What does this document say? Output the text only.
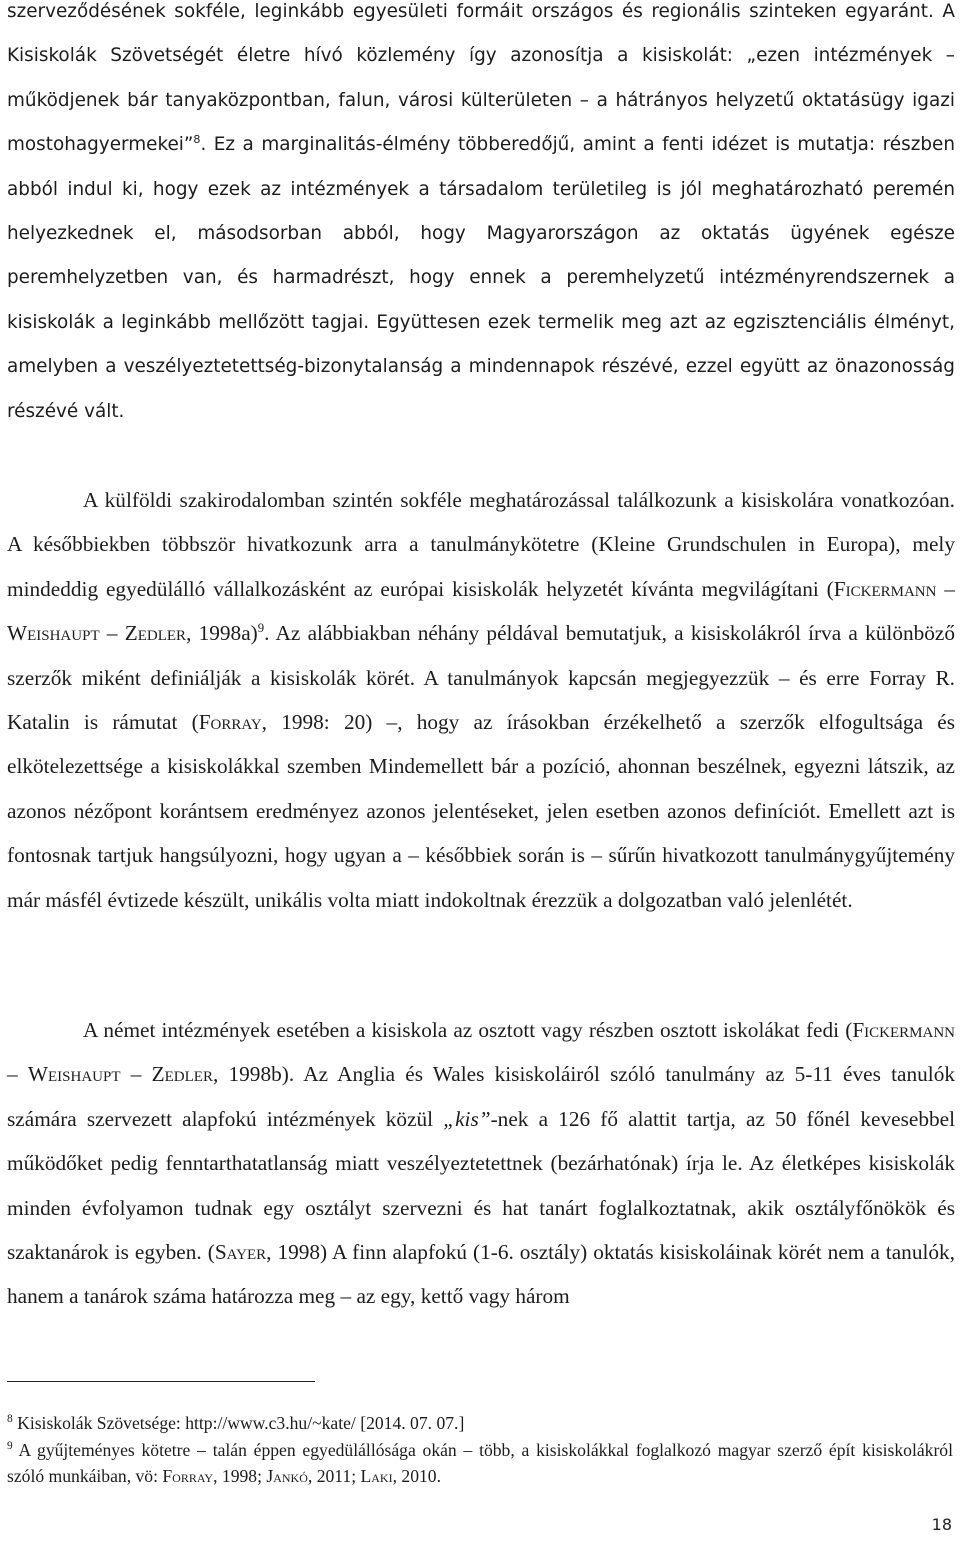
szerveződésének sokféle, leginkább egyesületi formáit országos és regionális szinteken egyaránt. A Kisiskolák Szövetségét életre hívó közlemény így azonosítja a kisiskolát: „ezen intézmények – működjenek bár tanyaközpontban, falun, városi külterületen – a hátrányos helyzetű oktatásügy igazi mostohagyermekei”$^8$. Ez a marginalitás-élmény többeredőjű, amint a fenti idézet is mutatja: részben abból indul ki, hogy ezek az intézmények a társadalom területileg is jól meghatározható peremén helyezkednek el, másodsorban abból, hogy Magyarországon az oktatás ügyének egésze peremhelyzetben van, és harmadrészt, hogy ennek a peremhelyzetű intézményrendszernek a kisiskolák a leginkább mellőzött tagjai. Együttesen ezek termelik meg azt az egzisztenciális élményt, amelyben a veszélyeztetettség-bizonytalanság a mindennapok részévé, ezzel együtt az önazonosság részévé vált.

A külföldi szakirodalomban szintén sokféle meghatározással találkozunk a kisiskolára vonatkozóan. A későbbiekben többször hivatkozunk arra a tanulmánykötetre (Kleine Grundschulen in Europa), mely mindeddig egyedülálló vállalkozásként az európai kisiskolák helyzetét kívánta megvilágítani (Fickermann – Weishaupt – Zedler, 1998a)$^9$. Az alábbiakban néhány példával bemutatjuk, a kisiskolákról írva a különböző szerzők miként definiálják a kisiskolák körét. A tanulmányok kapcsán megjegyezzük – és erre Forray R. Katalin is rámutat (Forray, 1998: 20) –, hogy az írásokban érzékelhető a szerzők elfogultsága és elkötelezettsége a kisiskolákkal szemben Mindemellett bár a pozíció, ahonnan beszélnek, egyezni látszik, az azonos nézőpont korántsem eredményez azonos jelentéseket, jelen esetben azonos definíciót. Emellett azt is fontosnak tartjuk hangsúlyozni, hogy ugyan a – későbbiek során is – sűrűn hivatkozott tanulmánygyűjtemény már másfél évtizede készült, unikális volta miatt indokoltnak érezzük a dolgozatban való jelenlétét.

A német intézmények esetében a kisiskola az osztott vagy részben osztott iskolákat fedi (Fickermann – Weishaupt – Zedler, 1998b). Az Anglia és Wales kisiskoláiról szóló tanulmány az 5-11 éves tanulók számára szervezett alapfokú intézmények közül „kis”-nek a 126 fő alattit tartja, az 50 főnél kevesebbel működőket pedig fenntarthatatlanság miatt veszélyeztetettnek (bezárhatónak) írja le. Az életképes kisiskolák minden évfolyamon tudnak egy osztályt szervezni és hat tanárt foglalkoztatnak, akik osztályfőnökök és szaktanárok is egyben. (Sayer, 1998) A finn alapfokú (1-6. osztály) oktatás kisiskoláinak körét nem a tanulók, hanem a tanárok száma határozza meg – az egy, kettő vagy három

$^8$ Kisiskolák Szövetsége: http://www.c3.hu/~kate/ [2014. 07. 07.]

$^9$ A gyűjteményes kötetre – talán éppen egyedülállósága okán – több, a kisiskolákkal foglalkozó magyar szerző épít kisiskolákról szóló munkáiban, vö: Forray, 1998; Jankó, 2011; Laki, 2010.

18
